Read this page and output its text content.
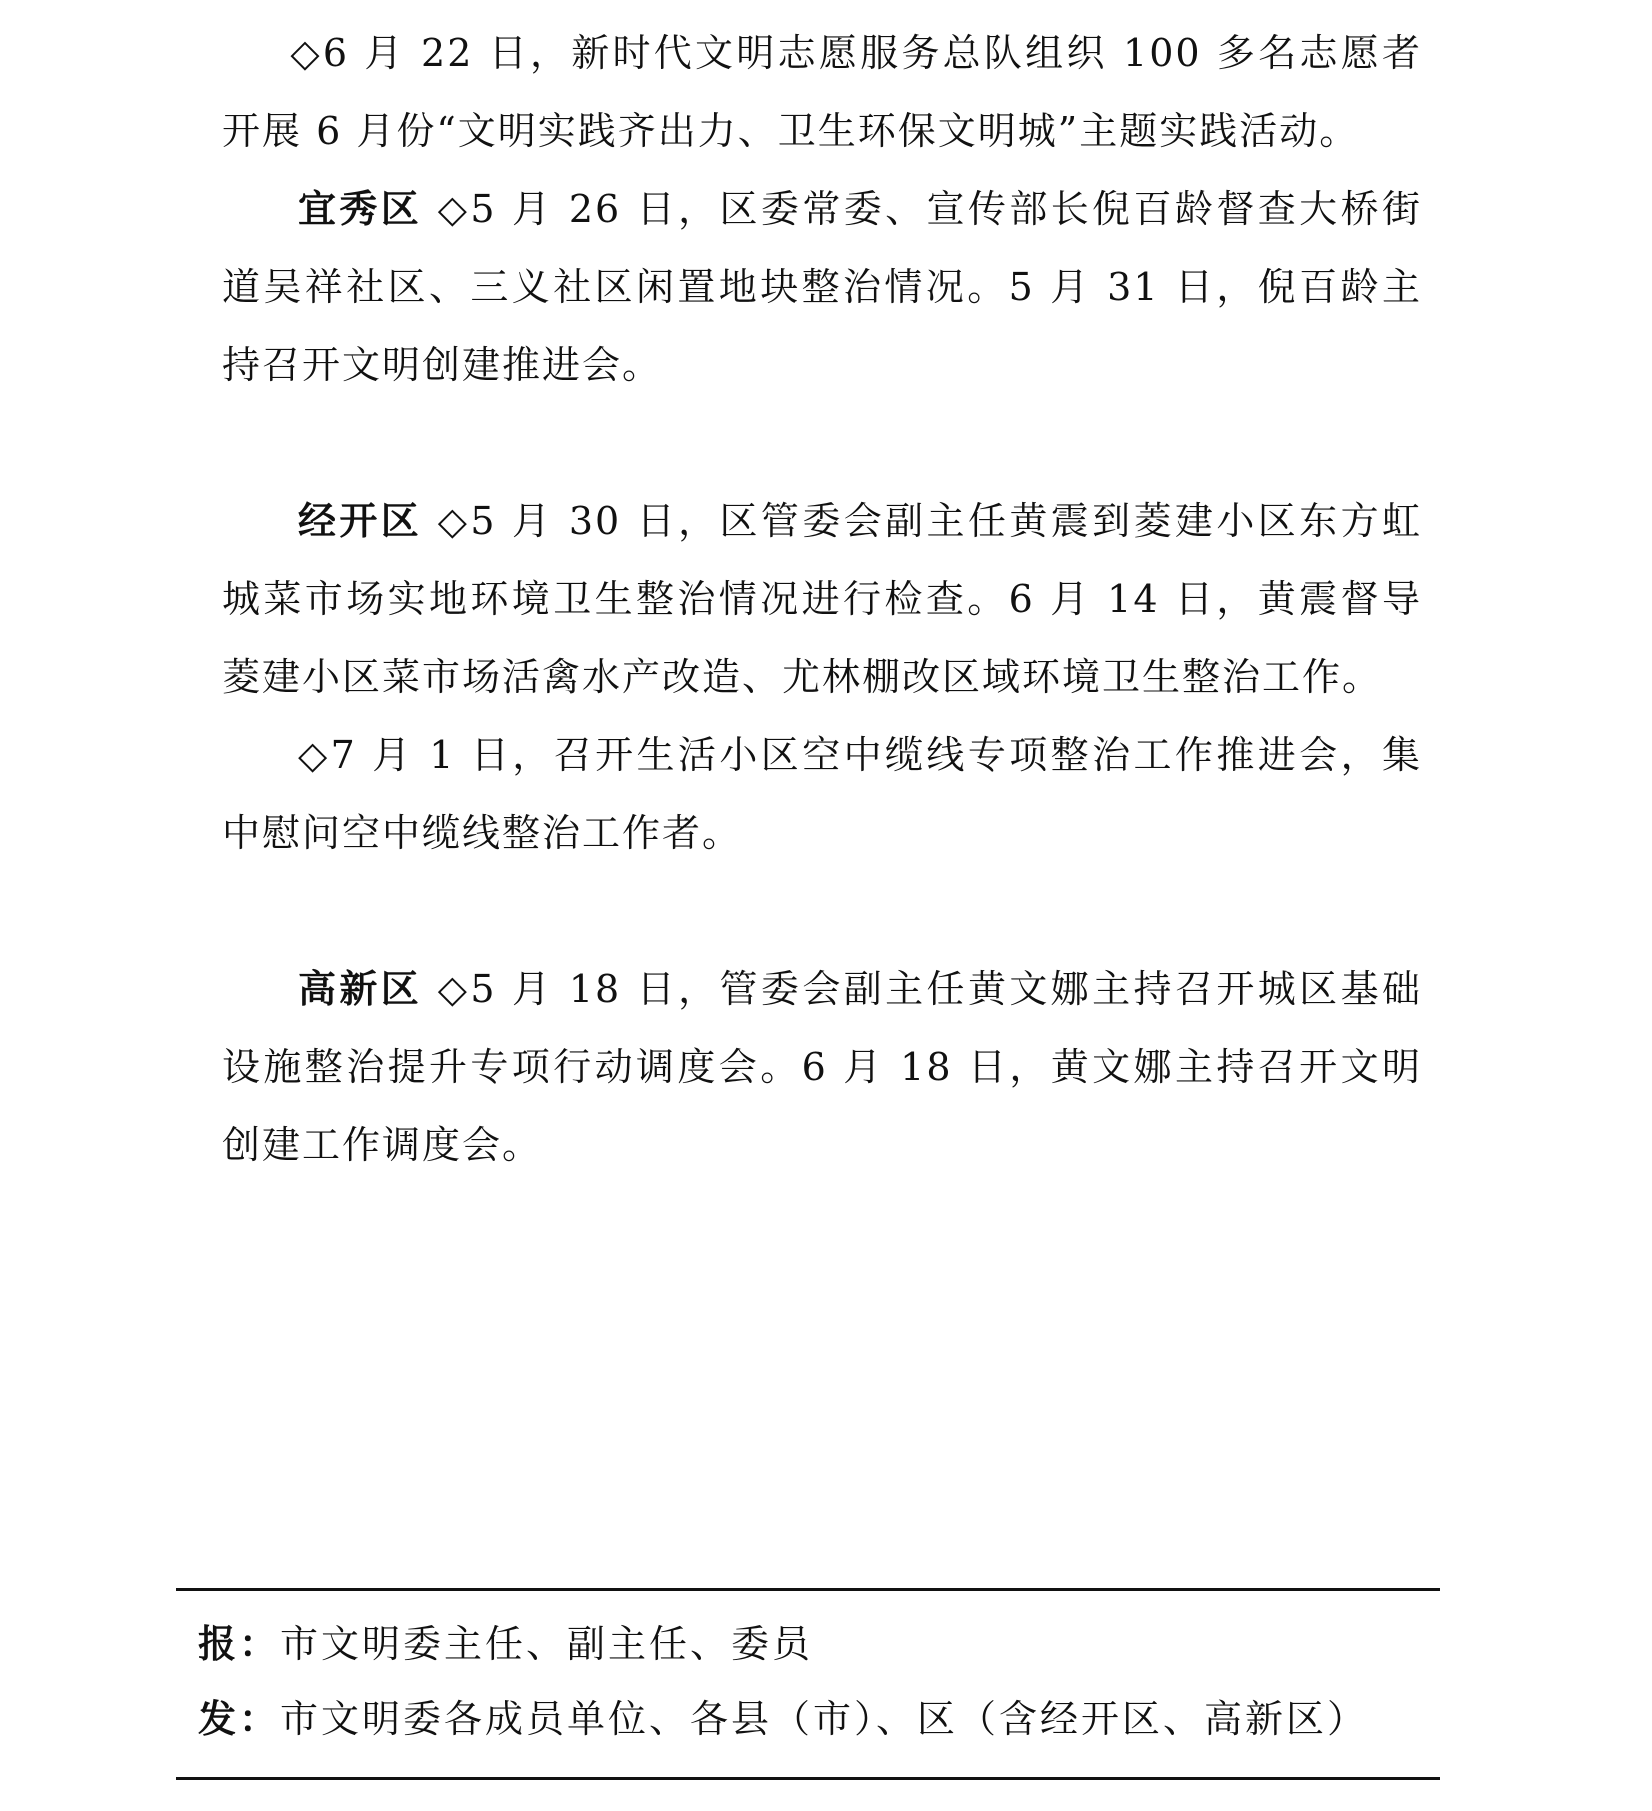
◇6 月 22 日，新时代文明志愿服务总队组织 100 多名志愿者开展 6 月份“文明实践齐出力、卫生环保文明城”主题实践活动。

宜秀区 ◇5 月 26 日，区委常委、宣传部长倪百龄督查大桥街道吴祥社区、三义社区闲置地块整治情况。5 月 31 日，倪百龄主持召开文明创建推进会。

经开区 ◇5 月 30 日，区管委会副主任黄震到菱建小区东方虹城菜市场实地环境卫生整治情况进行检查。6 月 14 日，黄震督导菱建小区菜市场活禽水产改造、尤林棚改区域环境卫生整治工作。

◇7 月 1 日，召开生活小区空中缆线专项整治工作推进会，集中慰问空中缆线整治工作者。

高新区 ◇5 月 18 日，管委会副主任黄文娜主持召开城区基础设施整治提升专项行动调度会。6 月 18 日，黄文娜主持召开文明创建工作调度会。

报：市文明委主任、副主任、委员
发：市文明委各成员单位、各县（市）、区（含经开区、高新区）
